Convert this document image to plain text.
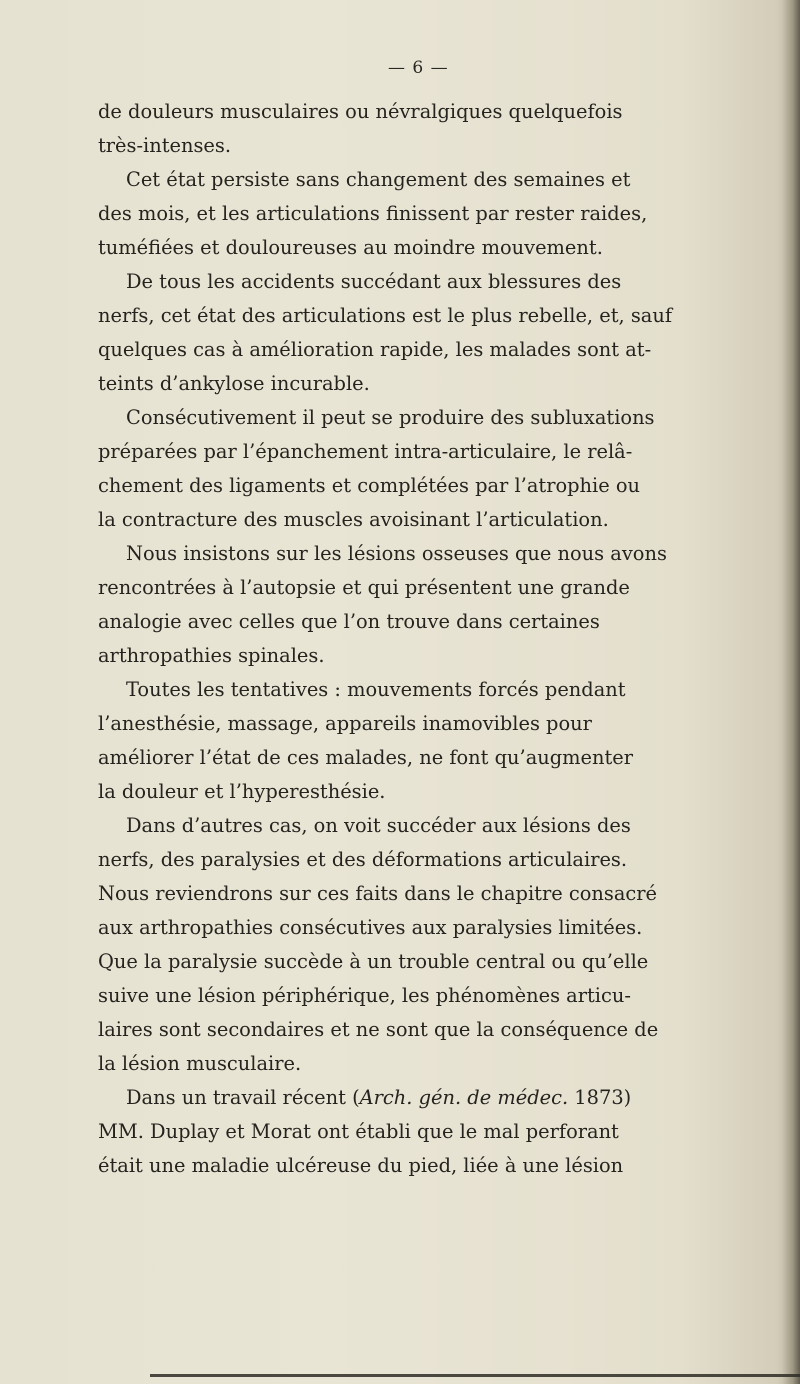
— 6 —
de douleurs musculaires ou névralgiques quelquefois
très-intenses.
Cet état persiste sans changement des semaines et
des mois, et les articulations finissent par rester raides,
tuméfiées et douloureuses au moindre mouvement.
De tous les accidents succédant aux blessures des
nerfs, cet état des articulations est le plus rebelle, et, sauf
quelques cas à amélioration rapide, les malades sont at-
teints d’ankylose incurable.
Consécutivement il peut se produire des subluxations
préparées par l’épanchement intra-articulaire, le relâ-
chement des ligaments et complétées par l’atrophie ou
la contracture des muscles avoisinant l’articulation.
Nous insistons sur les lésions osseuses que nous avons
rencontrées à l’autopsie et qui présentent une grande
analogie avec celles que l’on trouve dans certaines
arthropathies spinales.
Toutes les tentatives : mouvements forcés pendant
l’anesthésie, massage, appareils inamovibles pour
améliorer l’état de ces malades, ne font qu’augmenter
la douleur et l’hyperesthésie.
Dans d’autres cas, on voit succéder aux lésions des
nerfs, des paralysies et des déformations articulaires.
Nous reviendrons sur ces faits dans le chapitre consacré
aux arthropathies consécutives aux paralysies limitées.
Que la paralysie succède à un trouble central ou qu’elle
suive une lésion périphérique, les phénomènes articu-
laires sont secondaires et ne sont que la conséquence de
la lésion musculaire.
Dans un travail récent (Arch. gén. de médec. 1873)
MM. Duplay et Morat ont établi que le mal perforant
était une maladie ulcéreuse du pied, liée à une lésion
